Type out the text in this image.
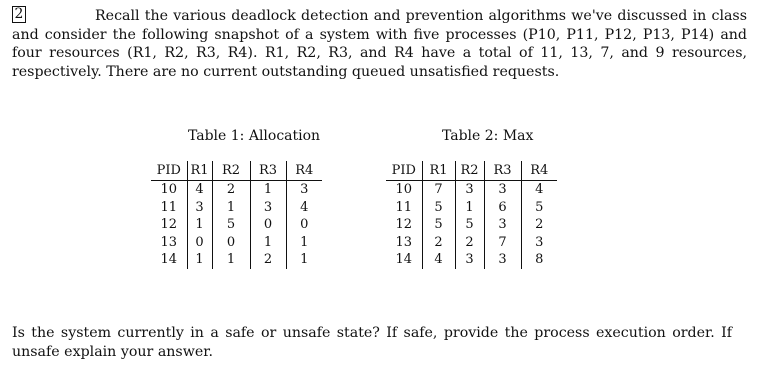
2	Recall the various deadlock detection and prevention algorithms we've discussed in class and consider the following snapshot of a system with five processes (P10, P11, P12, P13, P14) and four resources (R1, R2, R3, R4). R1, R2, R3, and R4 have a total of 11, 13, 7, and 9 resources, respectively. There are no current outstanding queued unsatisfied requests.
Table 1: Allocation	Table 2: Max
PID	R1	R2	R3	R4
10	4	2	1	3
11	3	1	3	4
12	1	5	0	0
13	0	0	1	1
14	1	1	2	1
PID	R1	R2	R3	R4
10	7	3	3	4
11	5	1	6	5
12	5	5	3	2
13	2	2	7	3
14	4	3	3	8
Is the system currently in a safe or unsafe state? If safe, provide the process execution order. If unsafe explain your answer.
